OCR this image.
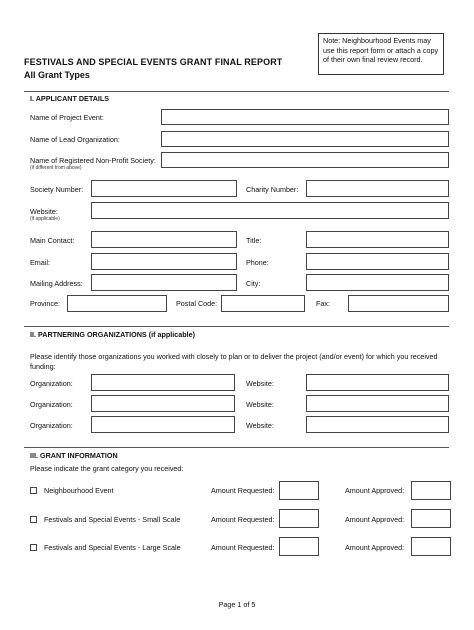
Note: Neighbourhood Events may use this report form or attach a copy of their own final review record.
FESTIVALS AND SPECIAL EVENTS GRANT FINAL REPORT
All Grant Types
I. APPLICANT DETAILS
Name of Project Event:
Name of Lead Organization:
Name of Registered Non-Profit Society:
(if different from above)
Society Number:	Charity Number:
Website:
(if applicable)
Main Contact:	Title:
Email:	Phone:
Mailing Address:	City:
Province:	Postal Code:	Fax:
II. PARTNERING ORGANIZATIONS (if applicable)
Please identify those organizations you worked with closely to plan or to deliver the project (and/or event) for which you received funding:
Organization:	Website:
Organization:	Website:
Organization:	Website:
III. GRANT INFORMATION
Please indicate the grant category you received:
Neighbourhood Event	Amount Requested:	Amount Approved:
Festivals and Special Events - Small Scale	Amount Requested:	Amount Approved:
Festivals and Special Events - Large Scale	Amount Requested:	Amount Approved:
Page 1 of 5
